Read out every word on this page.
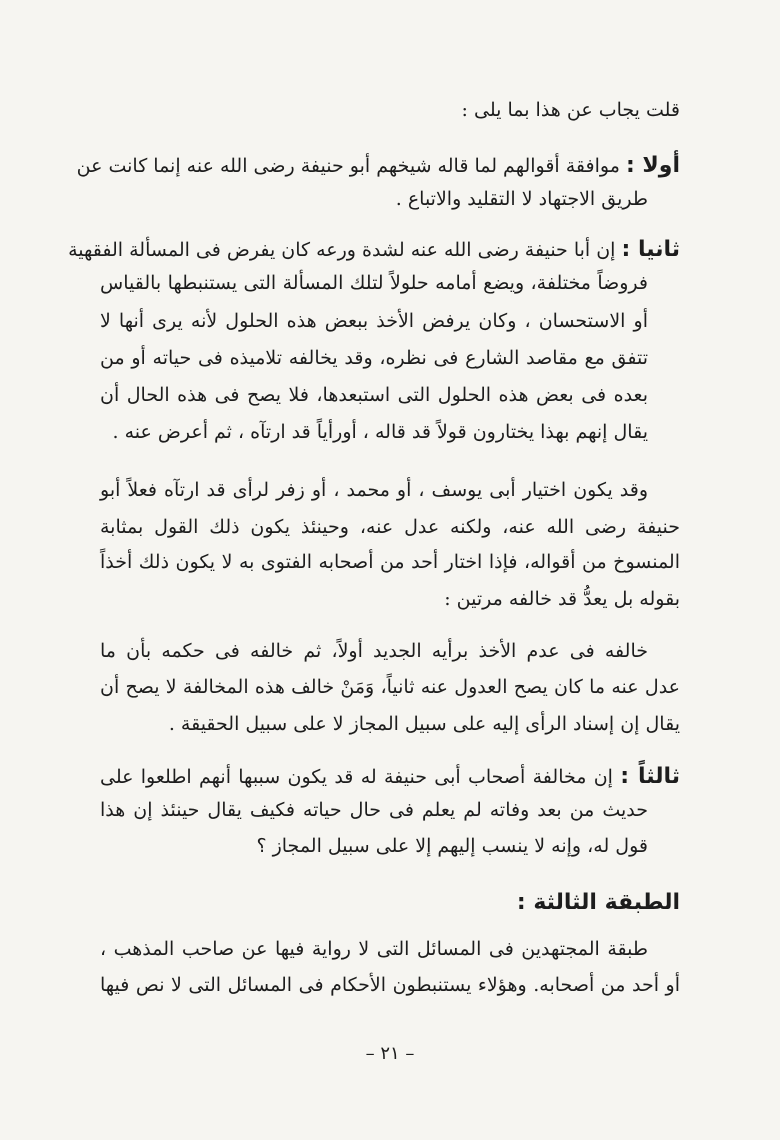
قلت يجاب عن هذا بما يلى :
أولا : موافقة أقوالهم لما قاله شيخهم أبو حنيفة رضى الله عنه إنما كانت عن
طريق الاجتهاد لا التقليد والاتباع .
ثانيا : إن أبا حنيفة رضى الله عنه لشدة ورعه كان يفرض فى المسألة الفقهية
فروضاً مختلفة، ويضع أمامه حلولاً لتلك المسألة التى يستنبطها بالقياس
أو الاستحسان ، وكان يرفض الأخذ ببعض هذه الحلول لأنه يرى أنها لا
تتفق مع مقاصد الشارع فى نظره، وقد يخالفه تلاميذه فى حياته أو من
بعده فى بعض هذه الحلول التى استبعدها، فلا يصح فى هذه الحال أن
يقال إنهم بهذا يختارون قولاً قد قاله ، أورأياً قد ارتآه ، ثم أعرض عنه .
وقد يكون اختيار أبى يوسف ، أو محمد ، أو زفر لرأى قد ارتآه فعلاً أبو
حنيفة رضى الله عنه، ولكنه عدل عنه، وحينئذ يكون ذلك القول بمثابة
المنسوخ من أقواله، فإذا اختار أحد من أصحابه الفتوى به لا يكون ذلك أخذاً
بقوله بل يعدُّ قد خالفه مرتين :
خالفه فى عدم الأخذ برأيه الجديد أولاً، ثم خالفه فى حكمه بأن ما
عدل عنه ما كان يصح العدول عنه ثانياً، وَمَنْ خالف هذه المخالفة لا يصح أن
يقال إن إسناد الرأى إليه على سبيل المجاز لا على سبيل الحقيقة .
ثالثاً : إن مخالفة أصحاب أبى حنيفة له قد يكون سببها أنهم اطلعوا على
حديث من بعد وفاته لم يعلم فى حال حياته فكيف يقال حينئذ إن هذا
قول له، وإنه لا ينسب إليهم إلا على سبيل المجاز ؟
الطبقة الثالثة :
طبقة المجتهدين فى المسائل التى لا رواية فيها عن صاحب المذهب ،
أو أحد من أصحابه. وهؤلاء يستنبطون الأحكام فى المسائل التى لا نص فيها
– ٢١ –
